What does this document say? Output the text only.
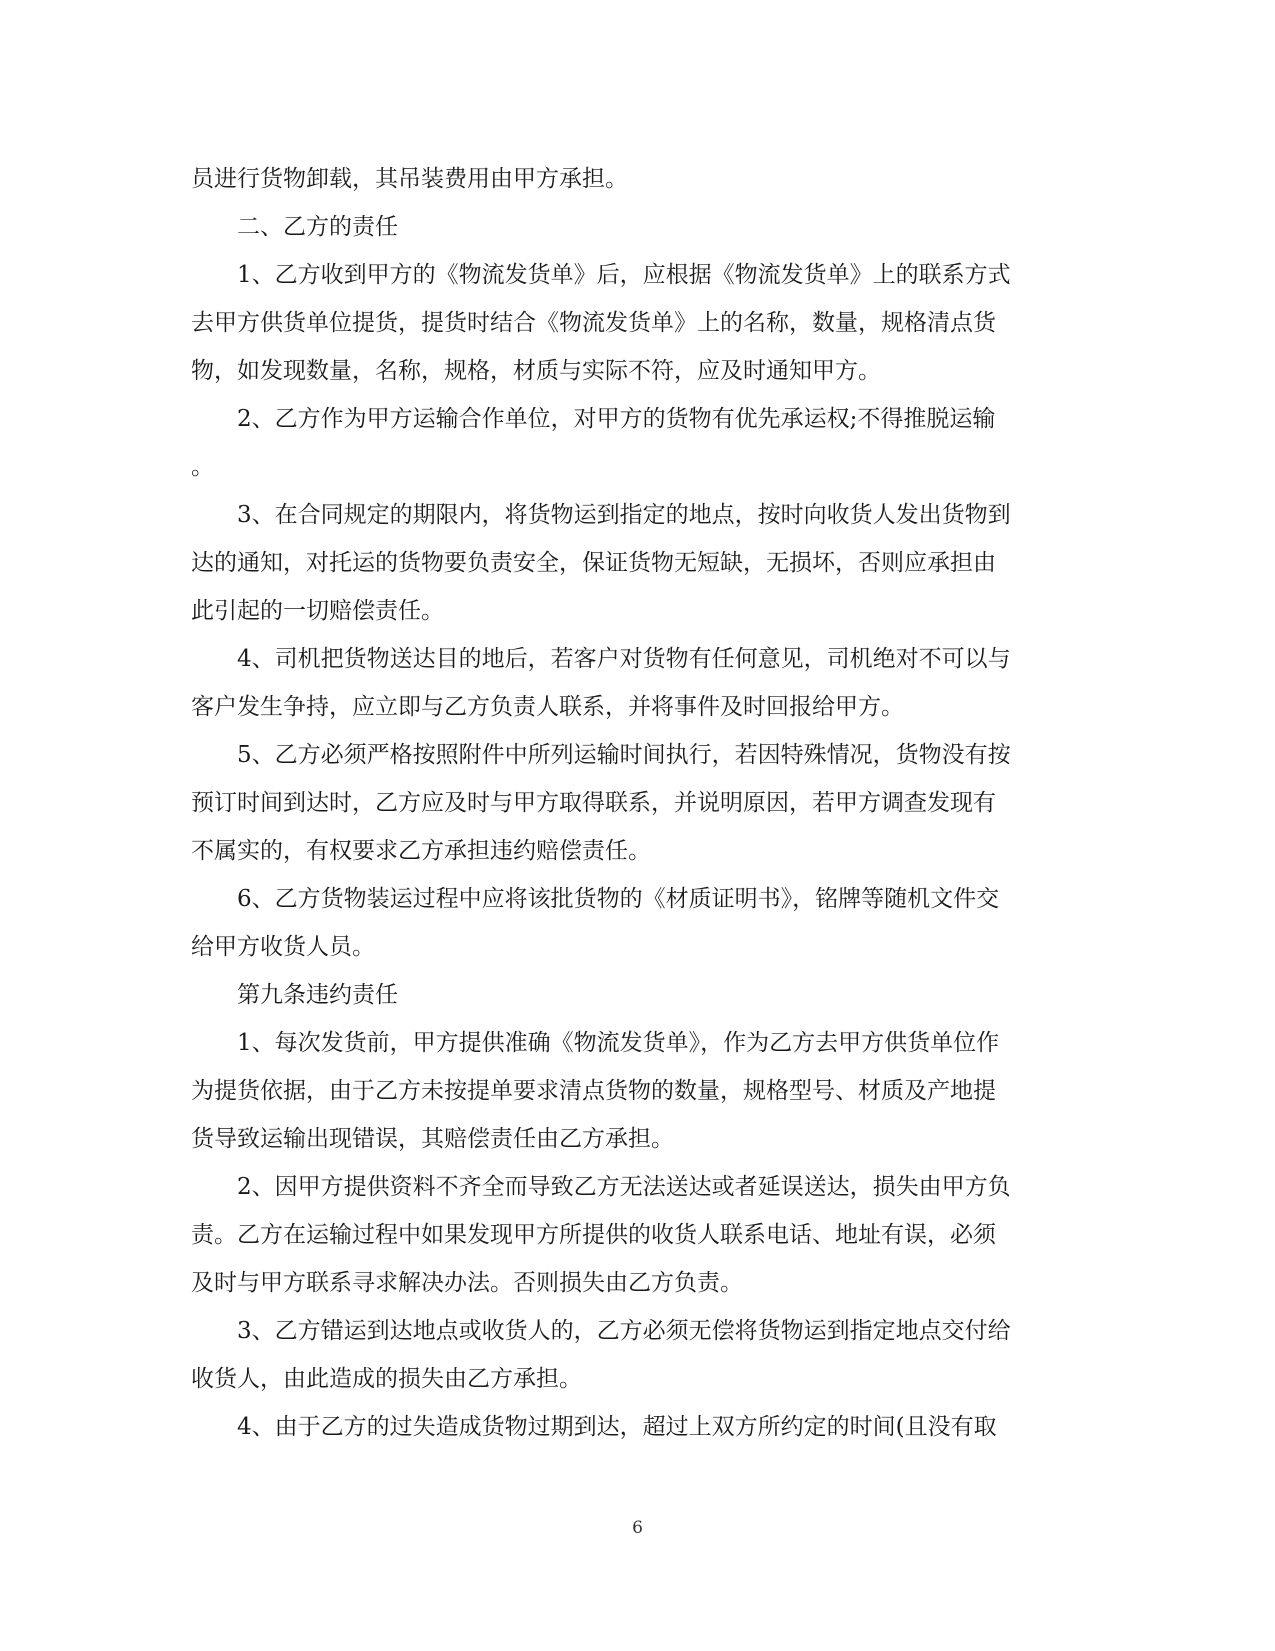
员进行货物卸载，其吊装费用由甲方承担。
二、乙方的责任
1、乙方收到甲方的《物流发货单》后，应根据《物流发货单》上的联系方式
去甲方供货单位提货，提货时结合《物流发货单》上的名称，数量，规格清点货
物，如发现数量，名称，规格，材质与实际不符，应及时通知甲方。
2、乙方作为甲方运输合作单位，对甲方的货物有优先承运权;不得推脱运输
。
3、在合同规定的期限内，将货物运到指定的地点，按时向收货人发出货物到
达的通知，对托运的货物要负责安全，保证货物无短缺，无损坏，否则应承担由
此引起的一切赔偿责任。
4、司机把货物送达目的地后，若客户对货物有任何意见，司机绝对不可以与
客户发生争持，应立即与乙方负责人联系，并将事件及时回报给甲方。
5、乙方必须严格按照附件中所列运输时间执行，若因特殊情况，货物没有按
预订时间到达时，乙方应及时与甲方取得联系，并说明原因，若甲方调查发现有
不属实的，有权要求乙方承担违约赔偿责任。
6、乙方货物装运过程中应将该批货物的《材质证明书》，铭牌等随机文件交
给甲方收货人员。
第九条违约责任
1、每次发货前，甲方提供准确《物流发货单》，作为乙方去甲方供货单位作
为提货依据，由于乙方未按提单要求清点货物的数量，规格型号、材质及产地提
货导致运输出现错误，其赔偿责任由乙方承担。
2、因甲方提供资料不齐全而导致乙方无法送达或者延误送达，损失由甲方负
责。乙方在运输过程中如果发现甲方所提供的收货人联系电话、地址有误，必须
及时与甲方联系寻求解决办法。否则损失由乙方负责。
3、乙方错运到达地点或收货人的，乙方必须无偿将货物运到指定地点交付给
收货人，由此造成的损失由乙方承担。
4、由于乙方的过失造成货物过期到达，超过上双方所约定的时间(且没有取
6
